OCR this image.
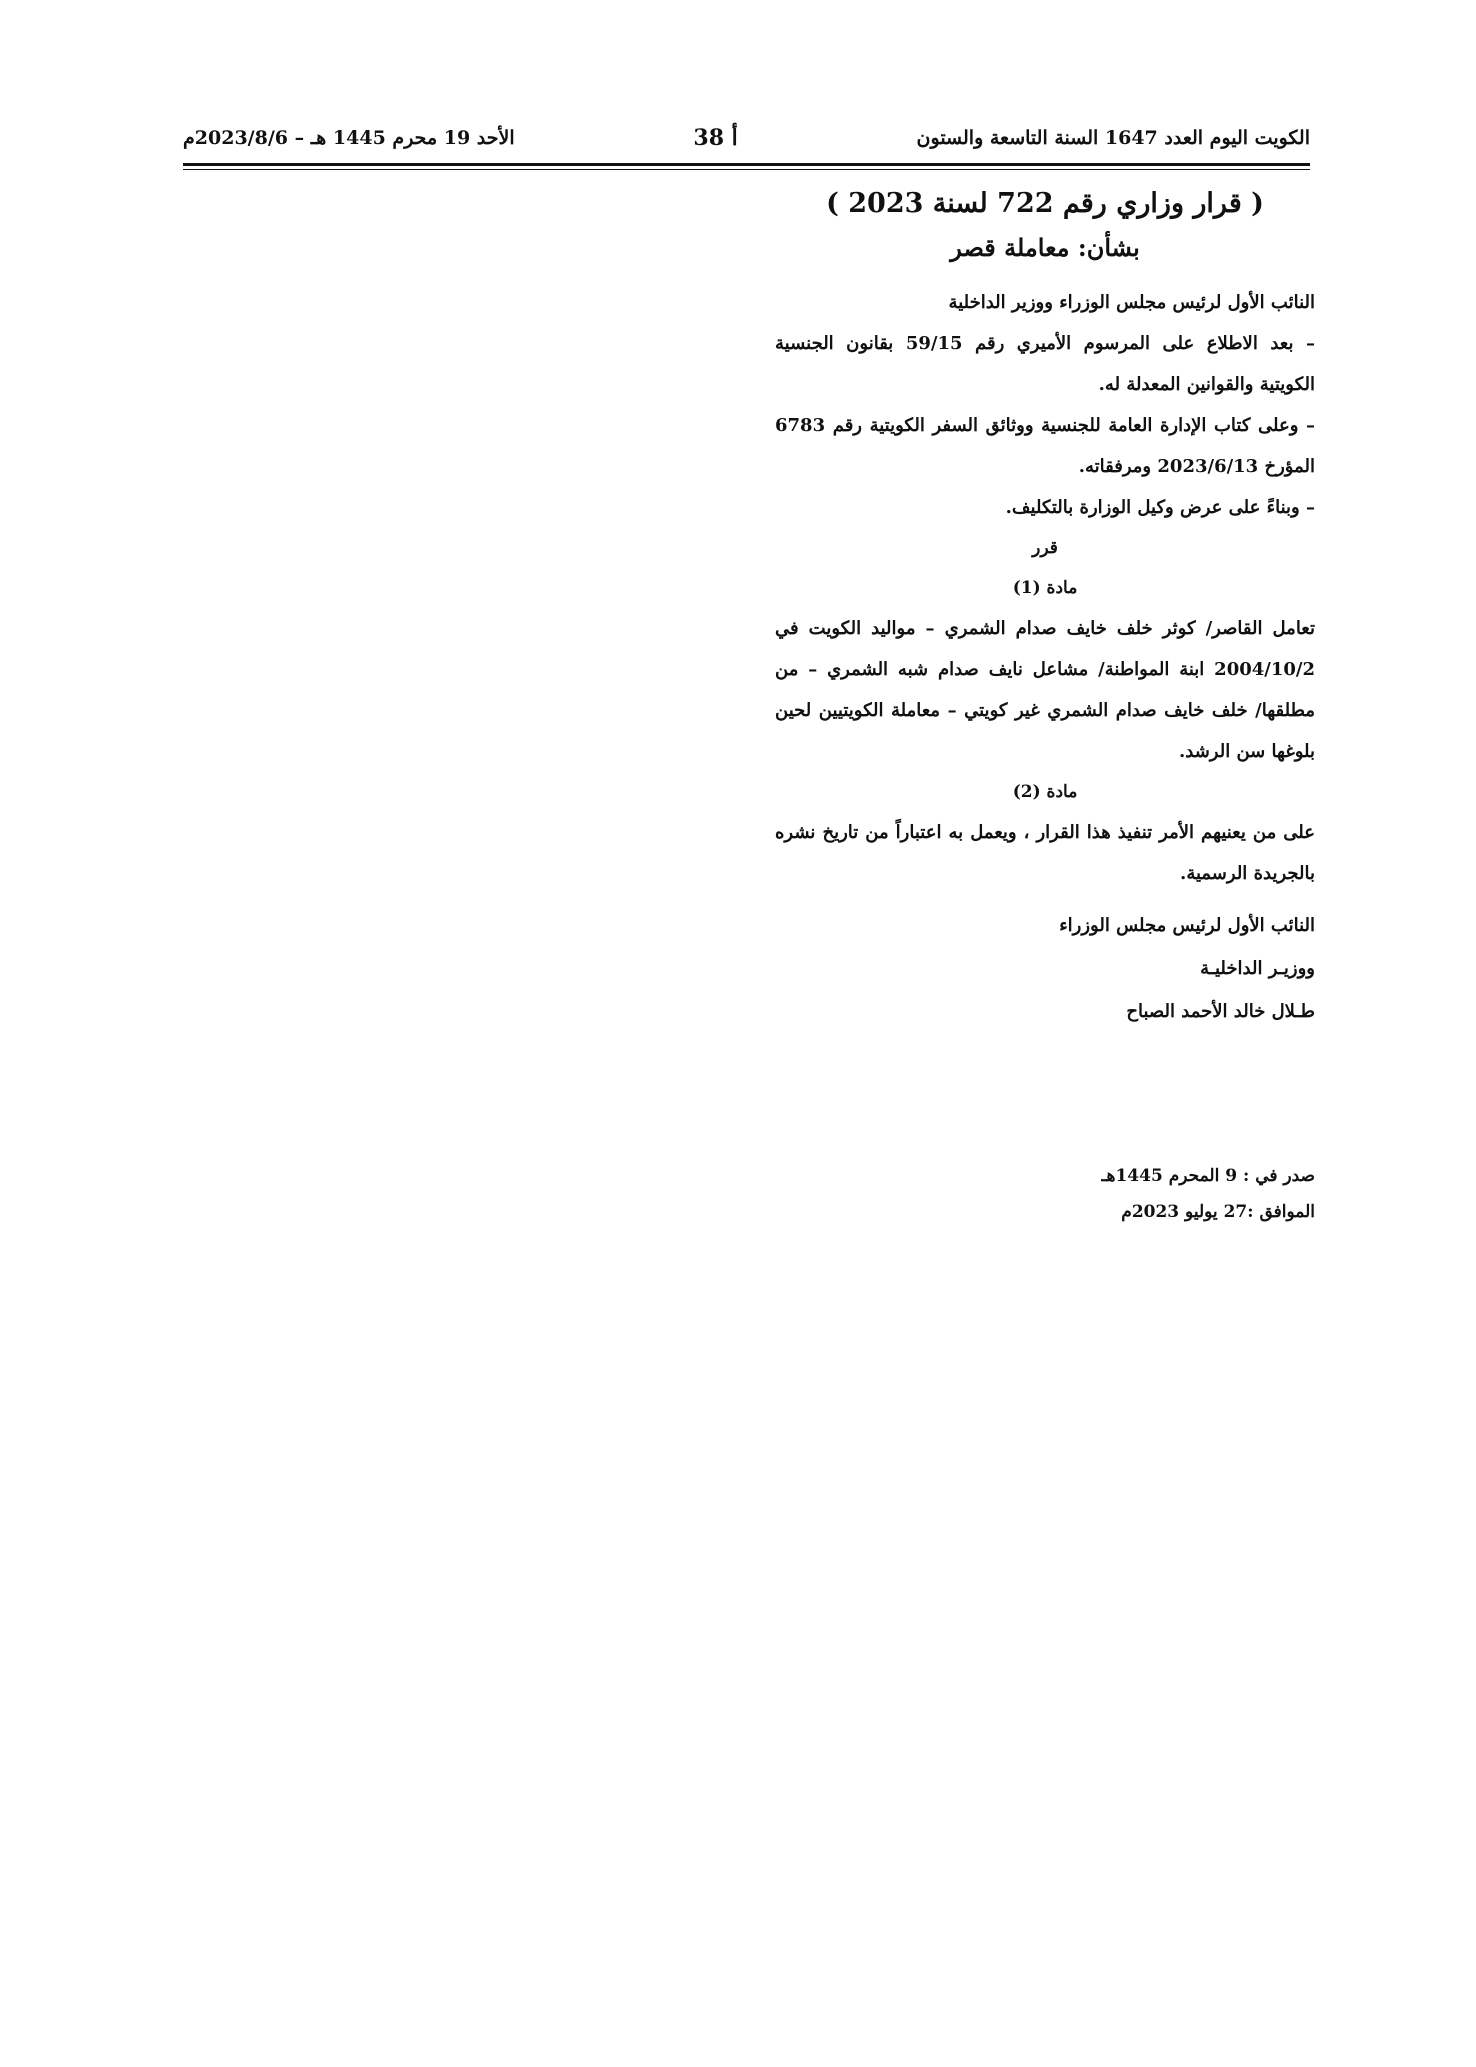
الكويت اليوم العدد 1647 السنة التاسعة والستون
أ 38
الأحد 19 محرم 1445 هـ – 2023/8/6م
( قرار وزاري رقم 722 لسنة 2023 )
بشأن: معاملة قصر

النائب الأول لرئيس مجلس الوزراء ووزير الداخلية

– بعد الاطلاع على المرسوم الأميري رقم 59/15 بقانون الجنسية الكويتية والقوانين المعدلة له.

– وعلى كتاب الإدارة العامة للجنسية ووثائق السفر الكويتية رقم 6783 المؤرخ 2023/6/13 ومرفقاته.

– وبناءً على عرض وكيل الوزارة بالتكليف.

قرر
مادة (1)

تعامل القاصر/ كوثر خلف خايف صدام الشمري – مواليد الكويت في 2004/10/2 ابنة المواطنة/ مشاعل نايف صدام شبه الشمري – من مطلقها/ خلف خايف صدام الشمري غير كويتي – معاملة الكويتيين لحين بلوغها سن الرشد.

مادة (2)

على من يعنيهم الأمر تنفيذ هذا القرار ، ويعمل به اعتباراً من تاريخ نشره بالجريدة الرسمية.

النائب الأول لرئيس مجلس الوزراء

ووزيـر الداخليـة

طـلال خالد الأحمد الصباح

صدر في : 9 المحرم 1445هـ

الموافق :27 يوليو 2023م
